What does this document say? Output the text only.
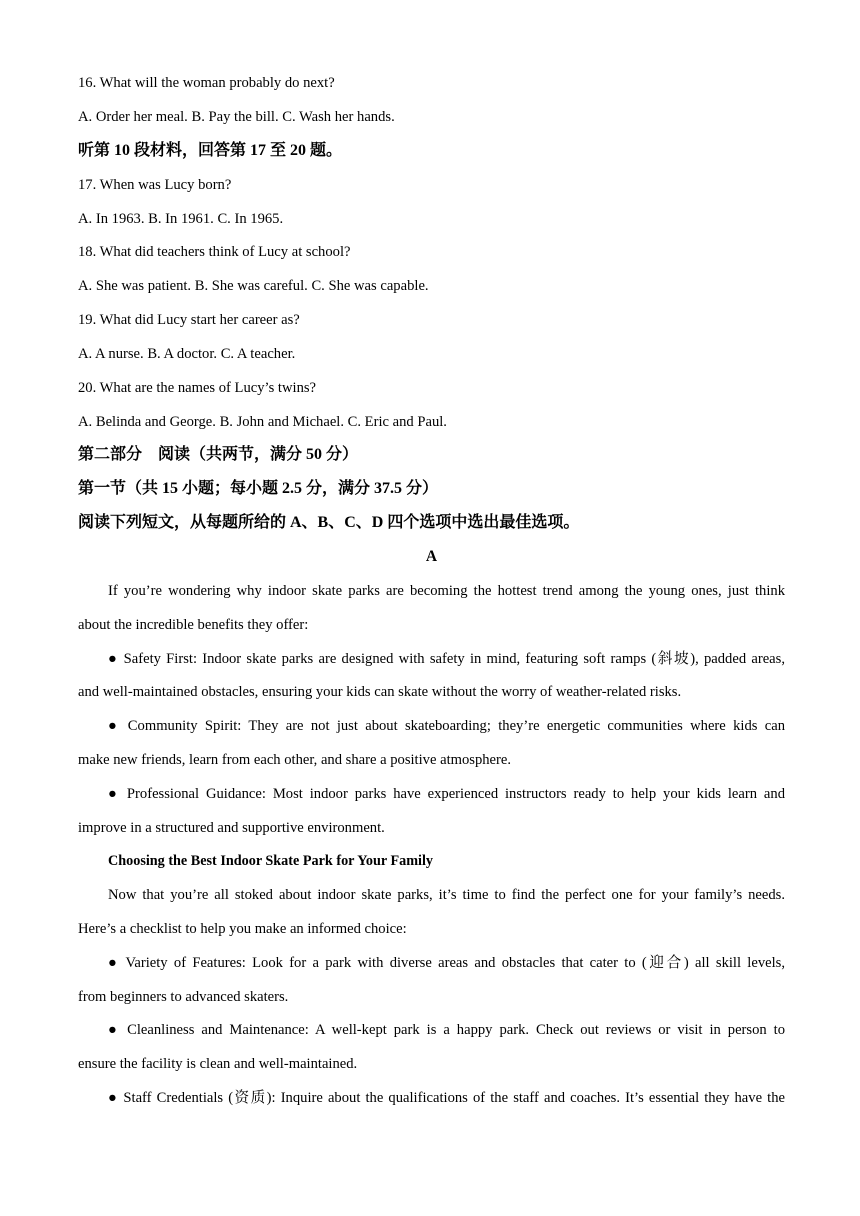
16. What will the woman probably do next?
A. Order her meal. B. Pay the bill. C. Wash her hands.
听第 10 段材料，回答第 17 至 20 题。
17. When was Lucy born?
A. In 1963. B. In 1961. C. In 1965.
18. What did teachers think of Lucy at school?
A. She was patient. B. She was careful. C. She was capable.
19. What did Lucy start her career as?
A. A nurse. B. A doctor. C. A teacher.
20. What are the names of Lucy’s twins?
A. Belinda and George. B. John and Michael. C. Eric and Paul.
第二部分　阅读（共两节，满分 50 分）
第一节（共 15 小题；每小题 2.5 分，满分 37.5 分）
阅读下列短文，从每题所给的 A、B、C、D 四个选项中选出最佳选项。
A
If you’re wondering why indoor skate parks are becoming the hottest trend among the young ones, just think
about the incredible benefits they offer:
● Safety First: Indoor skate parks are designed with safety in mind, featuring soft ramps (斜坡), padded areas,
and well-maintained obstacles, ensuring your kids can skate without the worry of weather-related risks.
● Community Spirit: They are not just about skateboarding; they’re energetic communities where kids can
make new friends, learn from each other, and share a positive atmosphere.
● Professional Guidance: Most indoor parks have experienced instructors ready to help your kids learn and
improve in a structured and supportive environment.
Choosing the Best Indoor Skate Park for Your Family
Now that you’re all stoked about indoor skate parks, it’s time to find the perfect one for your family’s needs.
Here’s a checklist to help you make an informed choice:
● Variety of Features: Look for a park with diverse areas and obstacles that cater to (迎合) all skill levels,
from beginners to advanced skaters.
● Cleanliness and Maintenance: A well-kept park is a happy park. Check out reviews or visit in person to
ensure the facility is clean and well-maintained.
● Staff Credentials (资质): Inquire about the qualifications of the staff and coaches. It’s essential they have the
